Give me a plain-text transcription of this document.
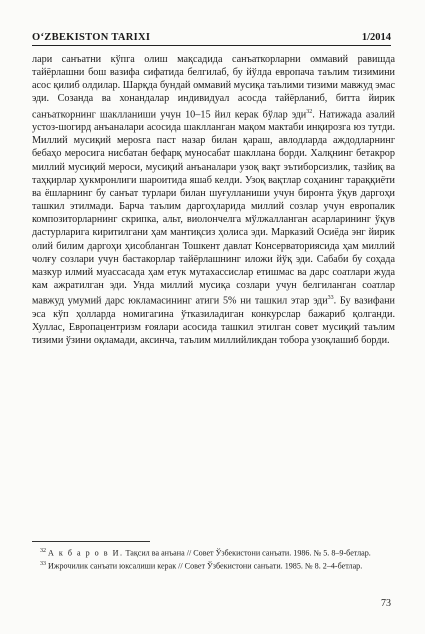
O‘ZBEKISTON TARIXI	1/2014

лари санъатни кўпга олиш мақсадида санъаткорларни оммавий равишда тайёрлашни бош вазифа сифатида белгилаб, бу йўлда европача таълим тизимини асос қилиб олдилар. Шарқда бундай оммавий мусиқа таълими тизими мавжуд эмас эди. Созанда ва хонандалар индивидуал асосда тайёрланиб, битта йирик санъаткорнинг шаклланиши учун 10–15 йил керак бўлар эди$^{32}$. Натижада азалий устоз-шогирд анъаналари асосида шаклланган мақом мактаби инқирозга юз тутди. Миллий мусиқий мерosга паст назар билан қараш, авлодларда аждодларнинг бебаҳо меросига нисбатан бефарқ муносабат шакллана борди. Халқнинг бетакрор миллий мусиқий мероси, мусиқий анъаналари узоқ вақт эътиборсизлик, тазйиқ ва таҳқирлар ҳукмронлиги шароитида яшаб келди. Узоқ вақтлар соҳанинг тараққиёти ва ёшларнинг бу санъат турлари билан шуғулланиши учун биронта ўқув даргоҳи ташкил этилмади. Барча таълим даргоҳларида миллий созлар учун европалик композиторларнинг скрипка, альт, виолончелга мўлжалланган асарларининг ўқув дастурларига киритилгани ҳам мантиқсиз ҳолиса эди. Марказий Осиёда энг йирик олий билим даргоҳи ҳисобланган Тошкент давлат Консерваториясида ҳам миллий чолғу созлари учун бастакорлар тайёрлашнинг иложи йўқ эди. Сабаби бу соҳада мазкур илмий муассасада ҳам етук мутахассислар етишмас ва дарс соатлари жуда кам ажратилган эди. Унда миллий мусиқа созлари учун белгиланган соатлар мавжуд умумий дарс юкламасининг атиги 5% ни ташкил этар эди$^{33}$. Бу вазифани эса кўп ҳолларда номигагина ўтказиладиган конкурслар бажариб қолганди. Хуллас, Европацентризм ғоялари асосида ташкил этилган совет мусиқий таълим тизими ўзини оқламади, аксинча, таълим миллийликдан тобора узоқлашиб борди.

$^{32}$ А к б а р о в И. Тақсил ва анъана // Совет Ўзбекистони санъати. 1986. № 5. 8–9-бетлар.

$^{33}$ Ижрочилик санъати юксалиши керак // Совет Ўзбекистони санъати. 1985. № 8. 2–4-бетлар.

73
